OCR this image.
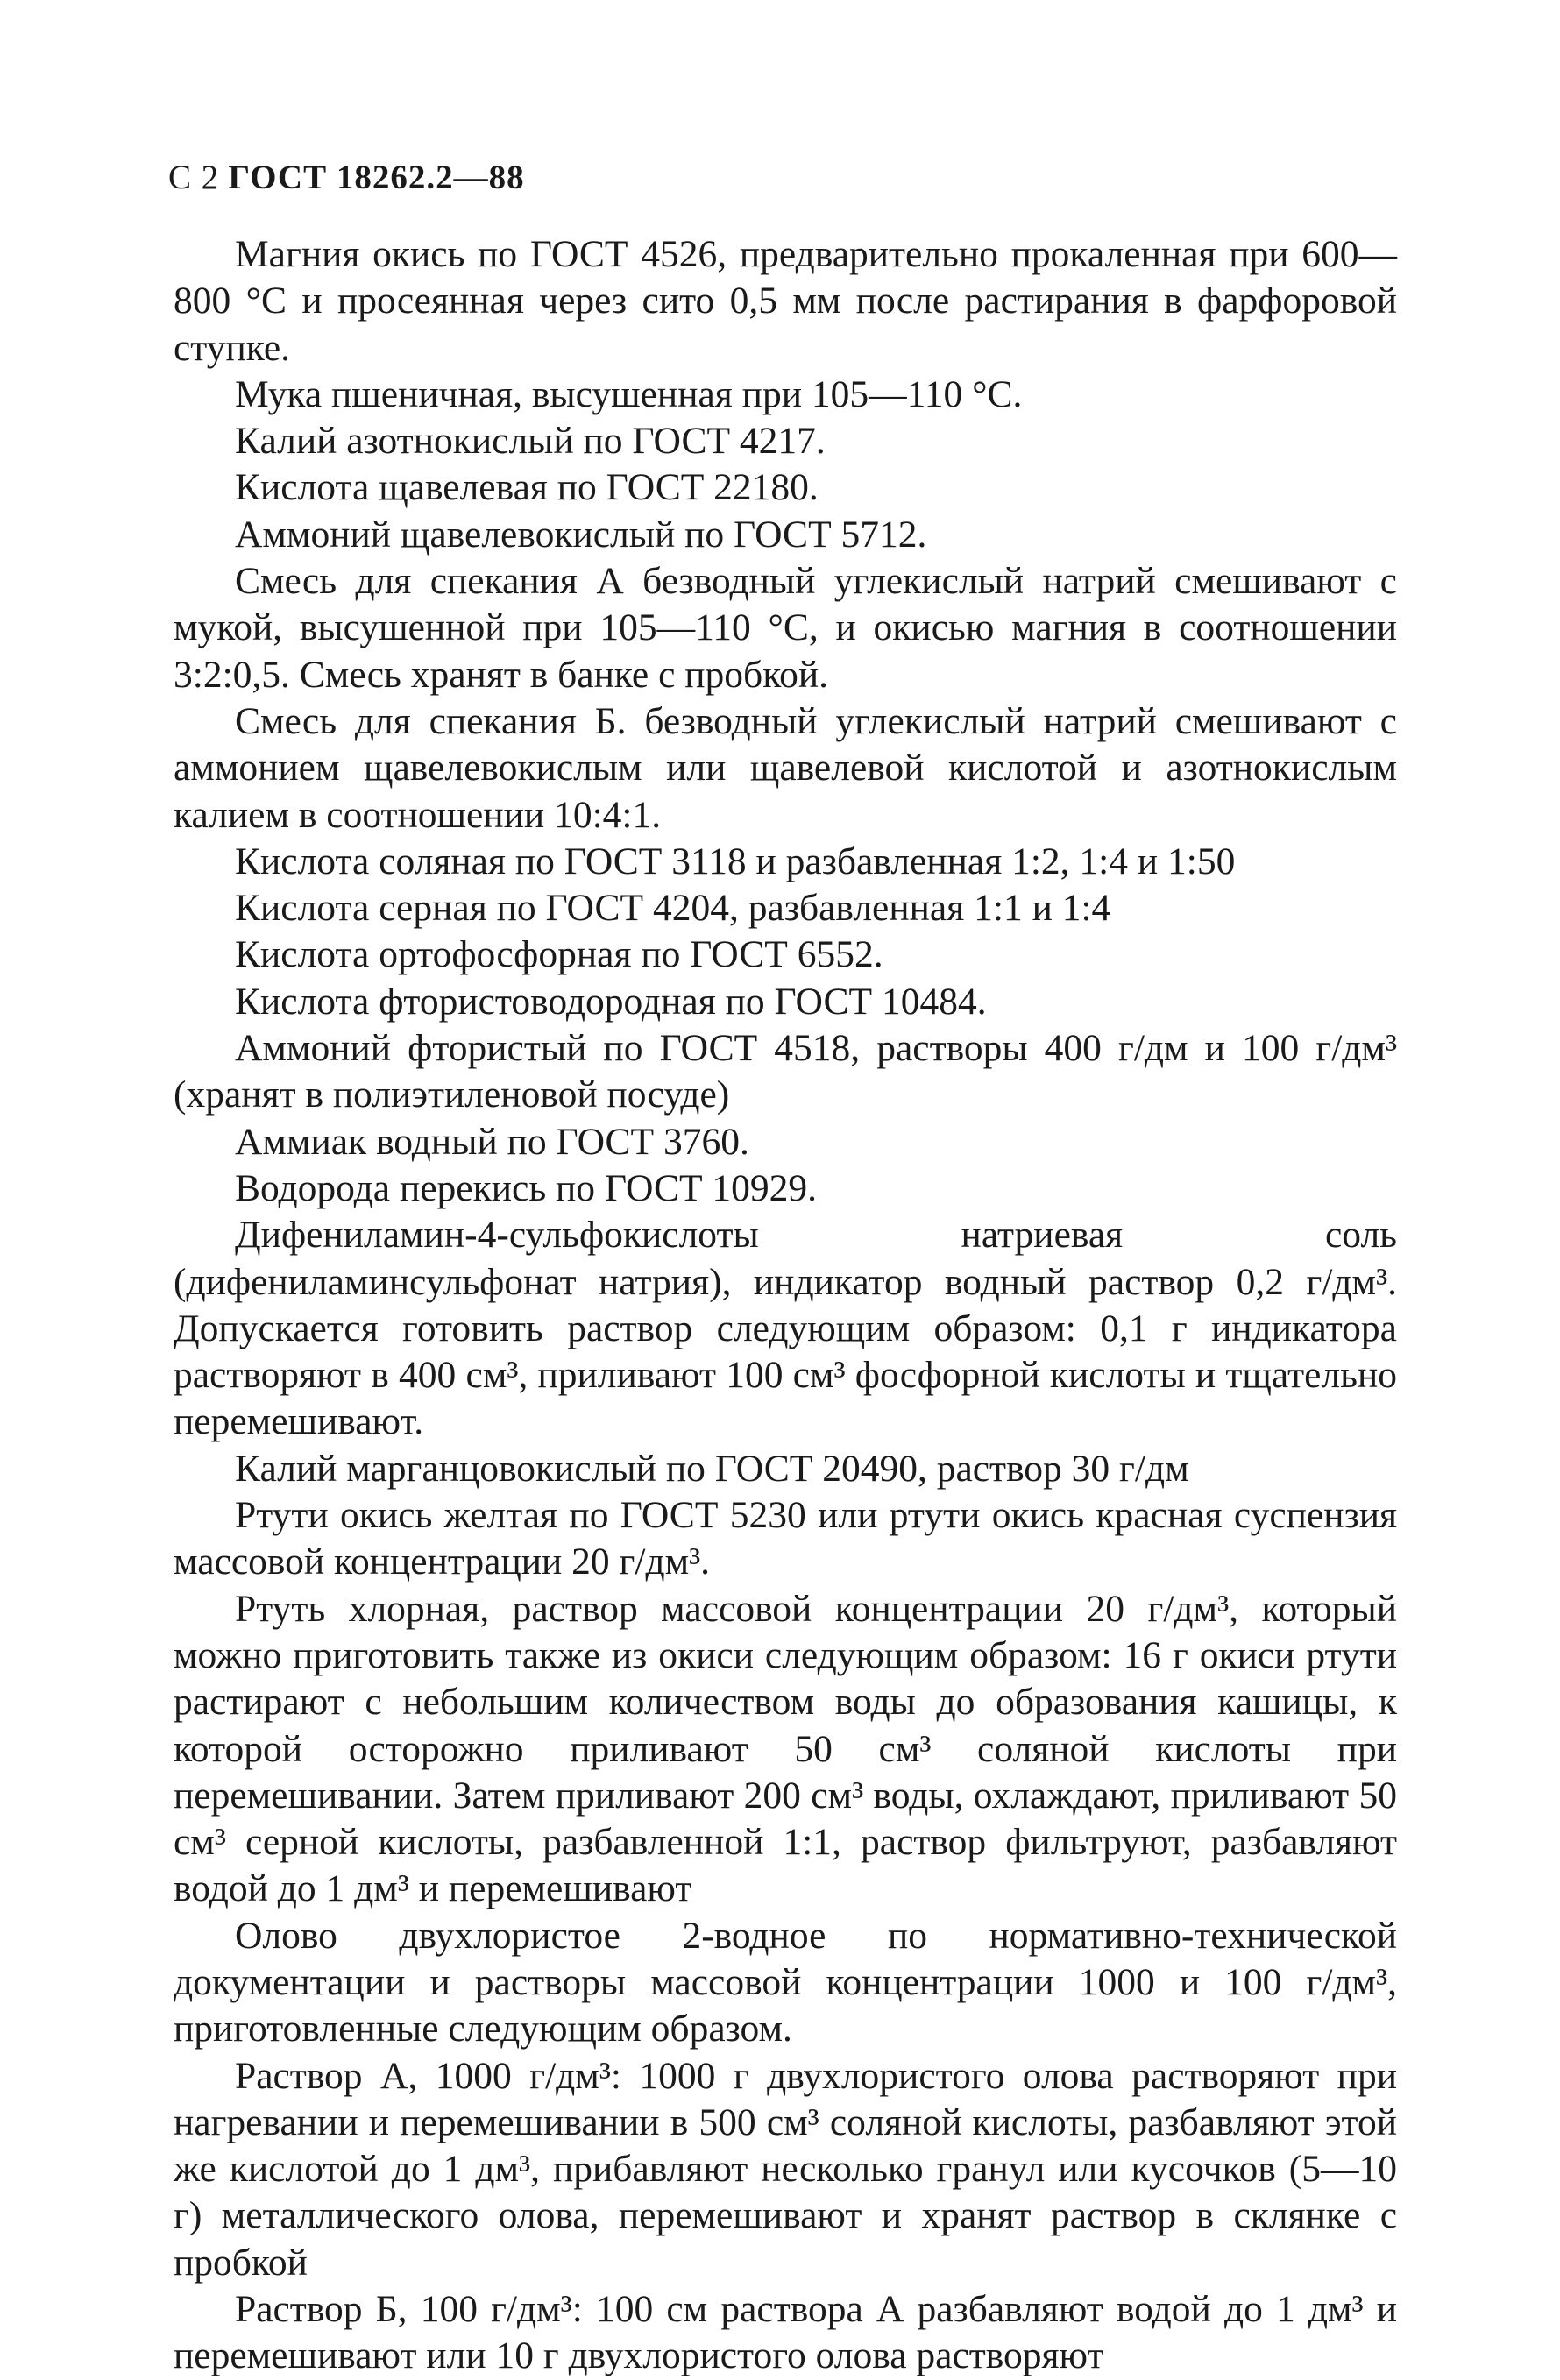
С 2 ГОСТ 18262.2—88

Магния окись по ГОСТ 4526, предварительно прокаленная при 600—800 °С и просеянная через сито 0,5 мм после растирания в фарфоровой ступке.

Мука пшеничная, высушенная при 105—110 °С.

Калий азотнокислый по ГОСТ 4217.

Кислота щавелевая по ГОСТ 22180.

Аммоний щавелевокислый по ГОСТ 5712.

Смесь для спекания А безводный углекислый натрий смешивают с мукой, высушенной при 105—110 °С, и окисью магния в соотношении 3:2:0,5. Смесь хранят в банке с пробкой.

Смесь для спекания Б. безводный углекислый натрий смешивают с аммонием щавелевокислым или щавелевой кислотой и азотнокислым калием в соотношении 10:4:1.

Кислота соляная по ГОСТ 3118 и разбавленная 1:2, 1:4 и 1:50

Кислота серная по ГОСТ 4204, разбавленная 1:1 и 1:4

Кислота ортофосфорная по ГОСТ 6552.

Кислота фтористоводородная по ГОСТ 10484.

Аммоний фтористый по ГОСТ 4518, растворы 400 г/дм и 100 г/дм³ (хранят в полиэтиленовой посуде)

Аммиак водный по ГОСТ 3760.

Водорода перекись по ГОСТ 10929.

Дифениламин-4-сульфокислоты натриевая соль (дифениламинсульфонат натрия), индикатор водный раствор 0,2 г/дм³. Допускается готовить раствор следующим образом: 0,1 г индикатора растворяют в 400 см³, приливают 100 см³ фосфорной кислоты и тщательно перемешивают.

Калий марганцовокислый по ГОСТ 20490, раствор 30 г/дм

Ртути окись желтая по ГОСТ 5230 или ртути окись красная суспензия массовой концентрации 20 г/дм³.

Ртуть хлорная, раствор массовой концентрации 20 г/дм³, который можно приготовить также из окиси следующим образом: 16 г окиси ртути растирают с небольшим количеством воды до образования кашицы, к которой осторожно приливают 50 см³ соляной кислоты при перемешивании. Затем приливают 200 см³ воды, охлаждают, приливают 50 см³ серной кислоты, разбавленной 1:1, раствор фильтруют, разбавляют водой до 1 дм³ и перемешивают

Олово двухлористое 2-водное по нормативно-технической документации и растворы массовой концентрации 1000 и 100 г/дм³, приготовленные следующим образом.

Раствор А, 1000 г/дм³: 1000 г двухлористого олова растворяют при нагревании и перемешивании в 500 см³ соляной кислоты, разбавляют этой же кислотой до 1 дм³, прибавляют несколько гранул или кусочков (5—10 г) металлического олова, перемешивают и хранят раствор в склянке с пробкой

Раствор Б, 100 г/дм³: 100 см раствора А разбавляют водой до 1 дм³ и перемешивают или 10 г двухлористого олова растворяют
